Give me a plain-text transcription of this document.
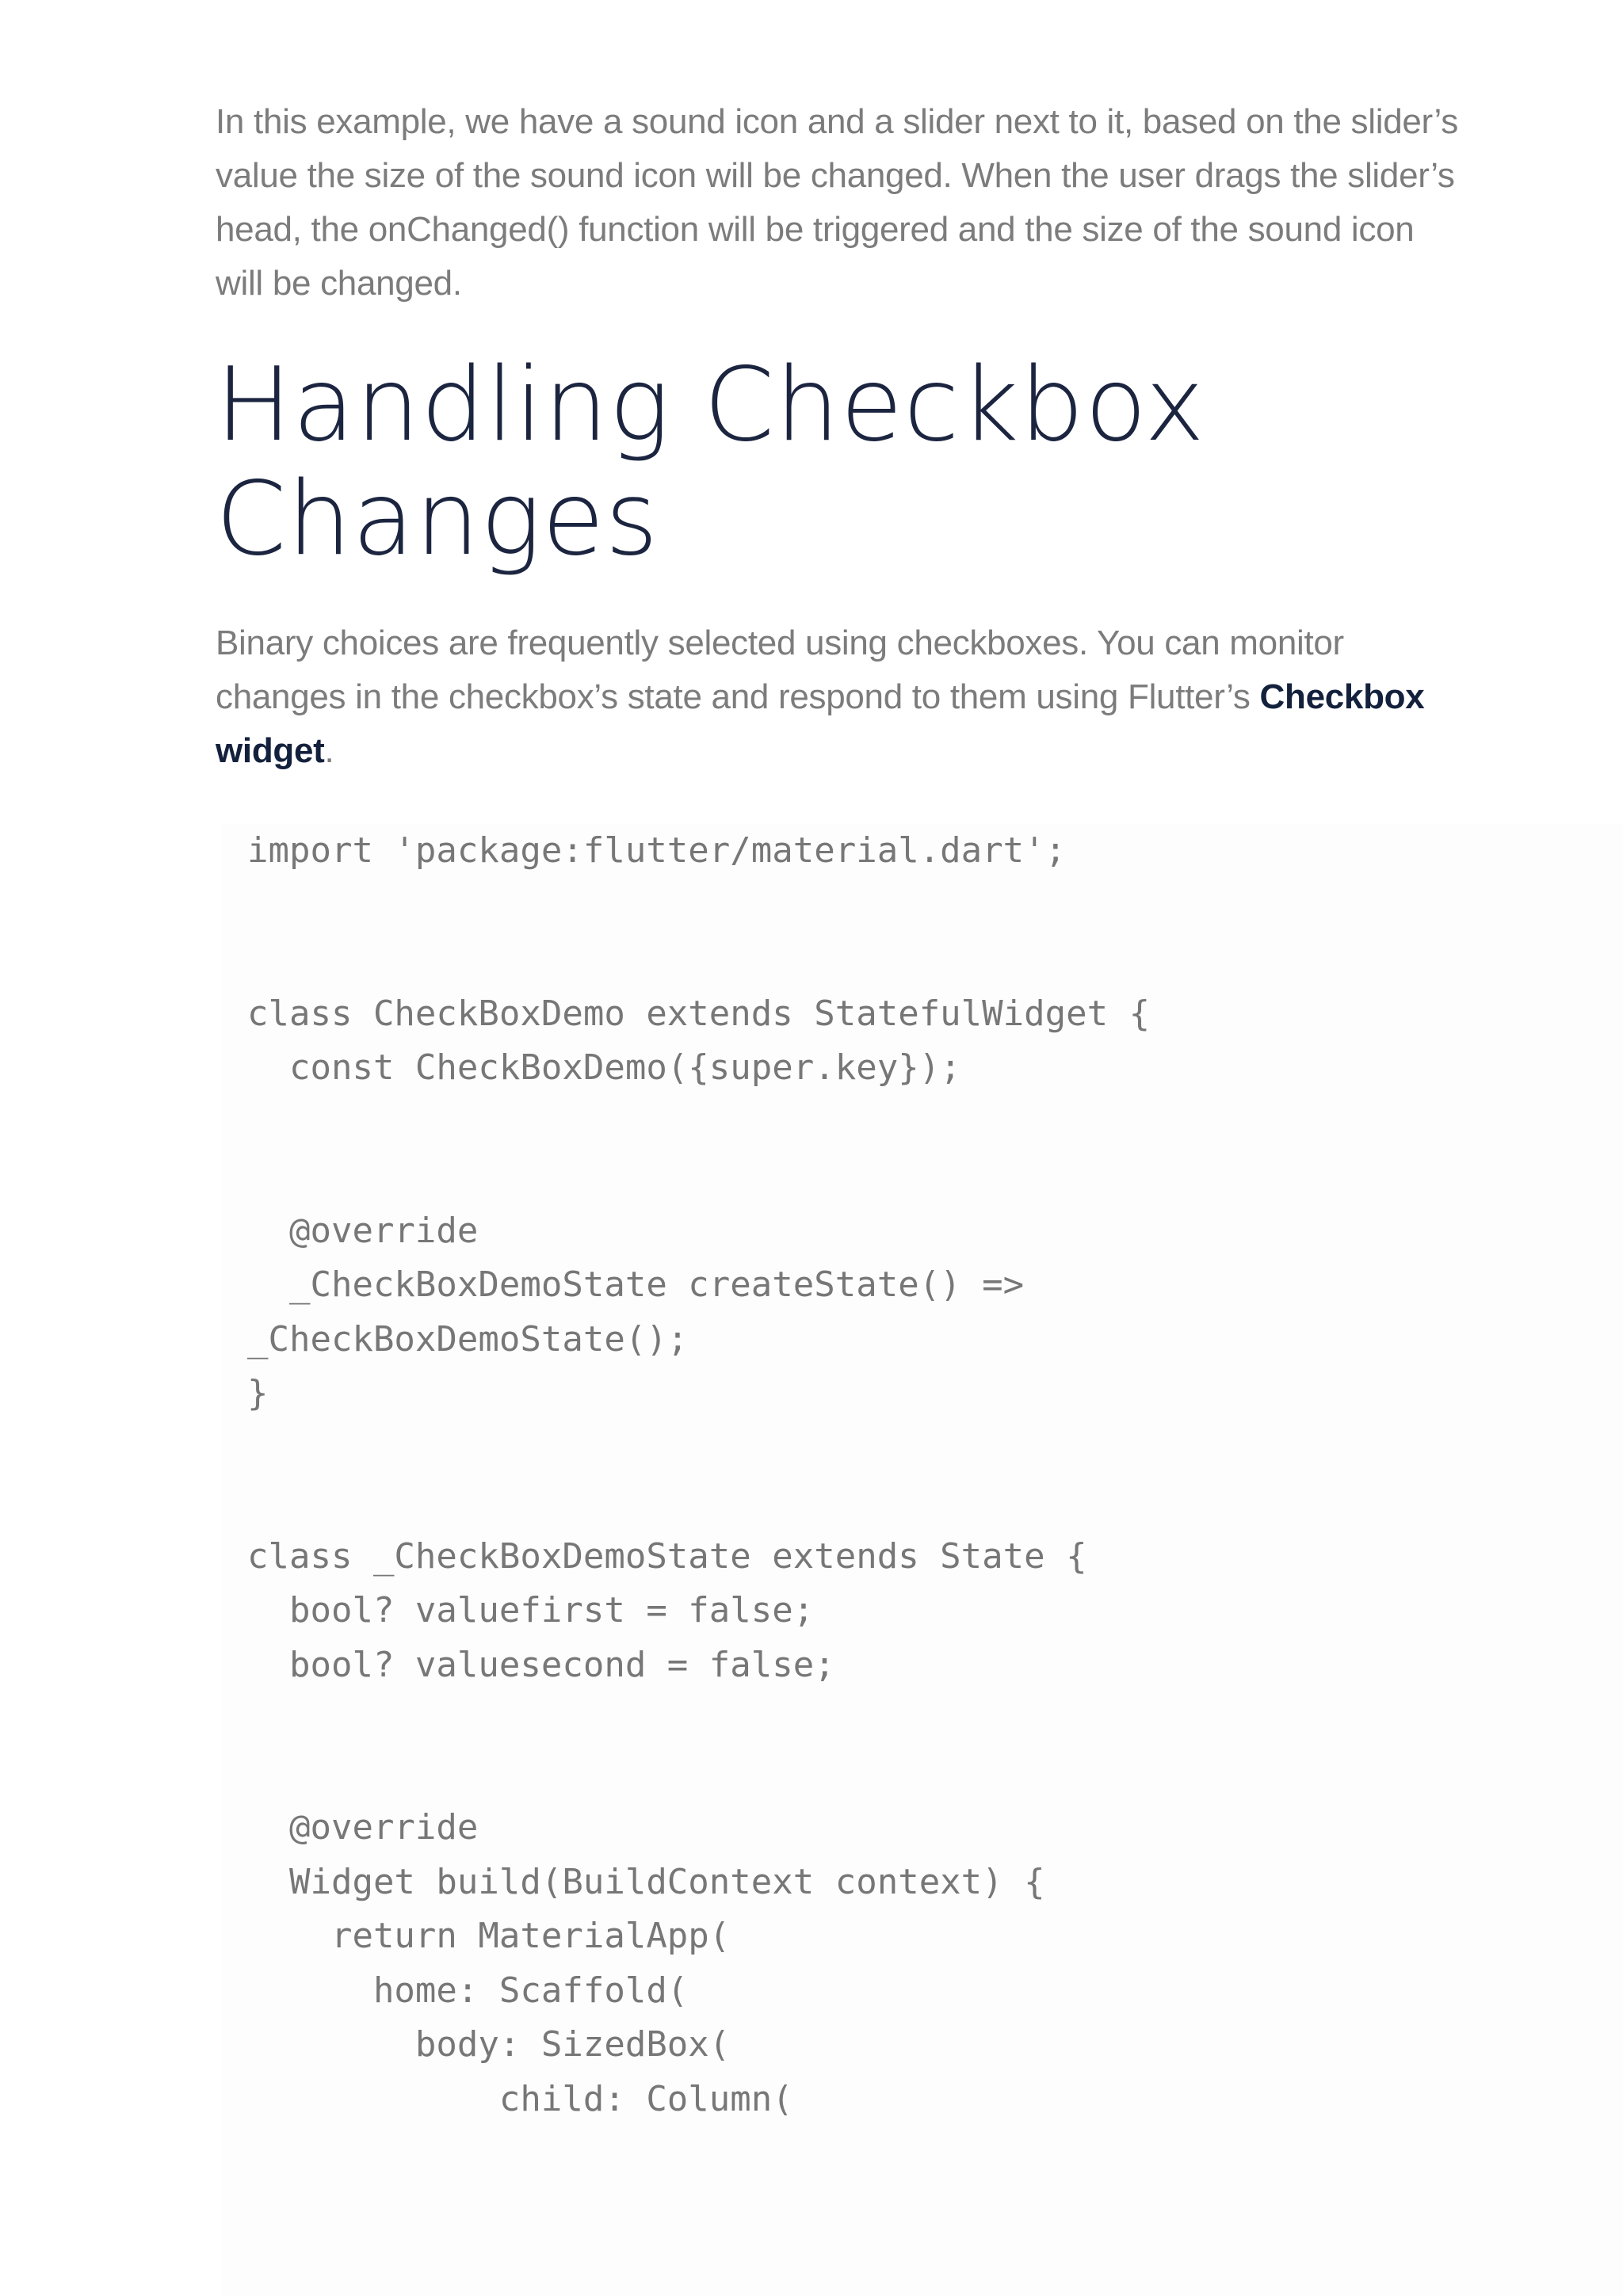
In this example, we have a sound icon and a slider next to it, based on the slider’s value the size of the sound icon will be changed. When the user drags the slider’s head, the onChanged() function will be triggered and the size of the sound icon will be changed.

Handling Checkbox
Changes

Binary choices are frequently selected using checkboxes. You can monitor changes in the checkbox’s state and respond to them using Flutter’s Checkbox widget.

import 'package:flutter/material.dart';

class CheckBoxDemo extends StatefulWidget {
const CheckBoxDemo({super.key});

@override
_CheckBoxDemoState createState() =>
_CheckBoxDemoState();
}

class _CheckBoxDemoState extends State {
bool? valuefirst = false;
bool? valuesecond = false;

@override
Widget build(BuildContext context) {
return MaterialApp(
home: Scaffold(
body: SizedBox(
child: Column(
